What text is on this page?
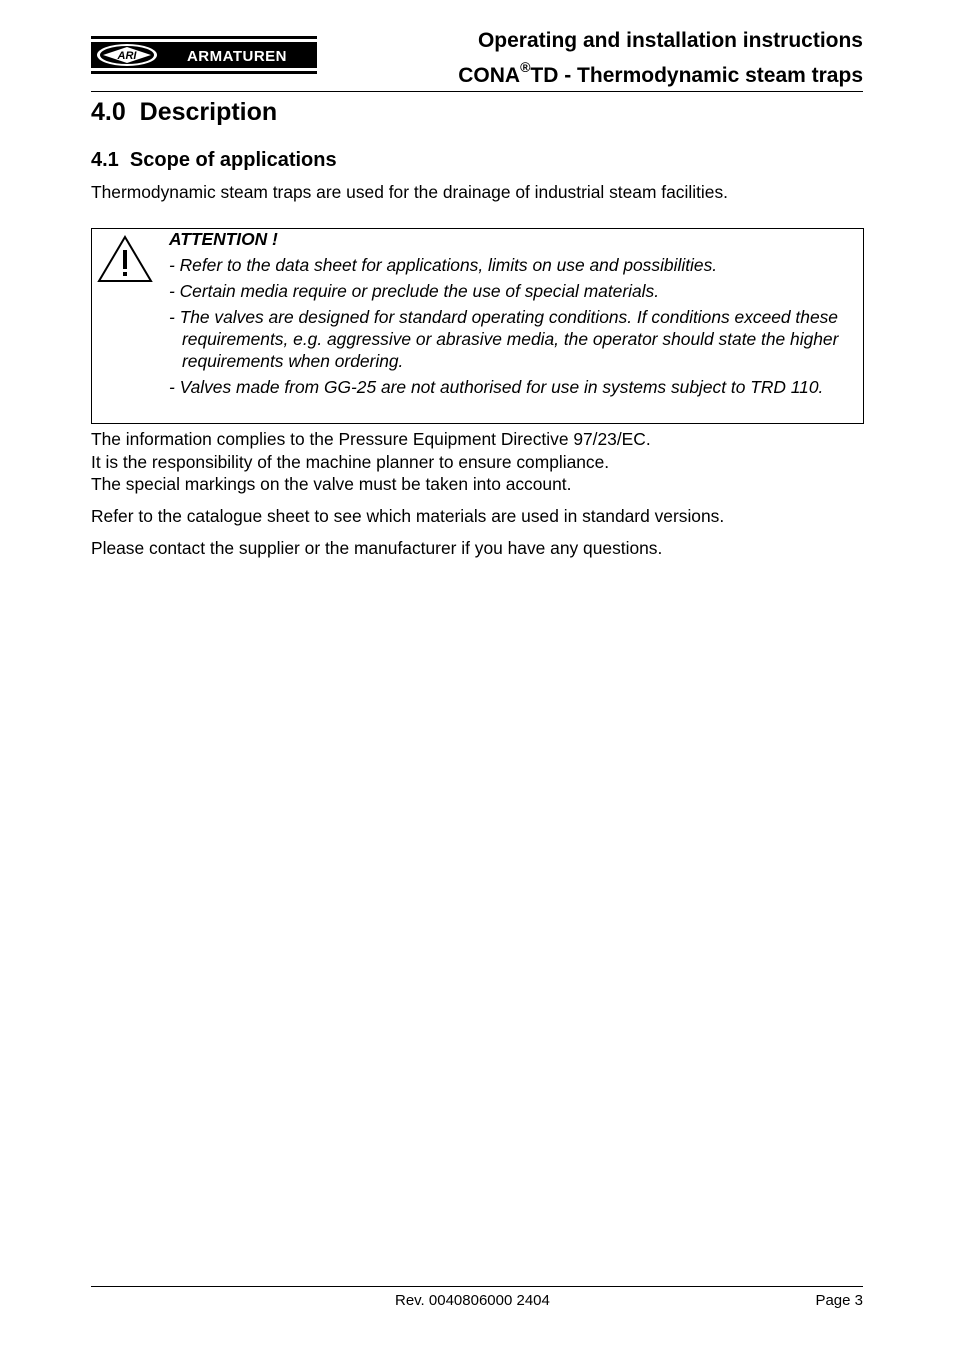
ARI	ARMATUREN
Operating and installation instructions
CONA®TD - Thermodynamic steam traps
4.0  Description
4.1  Scope of applications

Thermodynamic steam traps are used for the drainage of industrial steam facilities.

ATTENTION !

- Refer to the data sheet for applications, limits on use and possibilities.

- Certain media require or preclude the use of special materials.

- The valves are designed for standard operating conditions. If conditions exceed these requirements, e.g. aggressive or abrasive media, the operator should state the higher requirements when ordering.

- Valves made from GG-25 are not authorised for use in systems subject to TRD 110.

The information complies to the Pressure Equipment Directive 97/23/EC.

It is the responsibility of the machine planner to ensure compliance.

The special markings on the valve must be taken into account.

Refer to the catalogue sheet to see which materials are used in standard versions.

Please contact the supplier or the manufacturer if you have any questions.

Rev. 0040806000 2404	Page 3
